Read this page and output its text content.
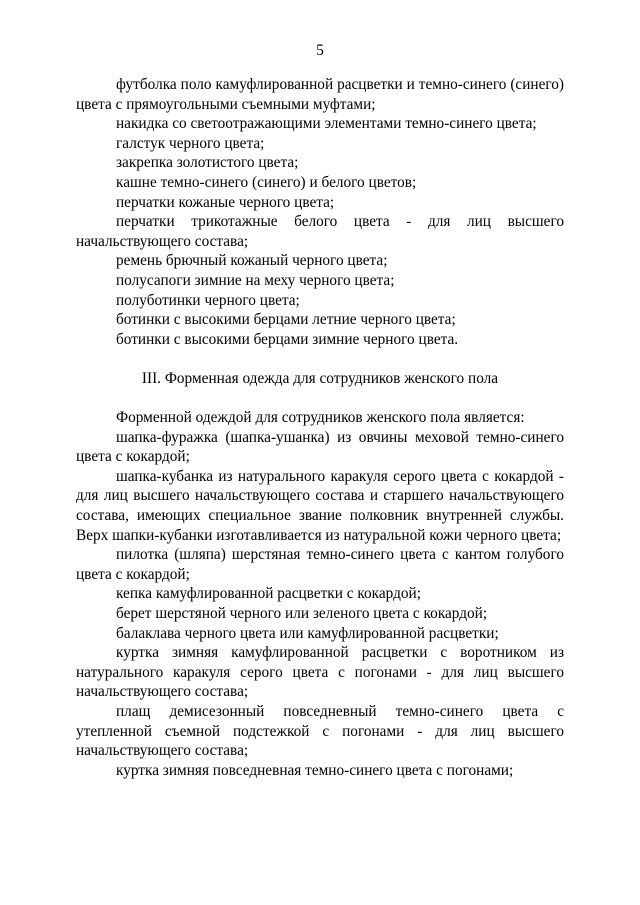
5

футболка поло камуфлированной расцветки и темно-синего (синего) цвета с прямоугольными съемными муфтами;

накидка со светоотражающими элементами темно-синего цвета;

галстук черного цвета;

закрепка золотистого цвета;

кашне темно-синего (синего) и белого цветов;

перчатки кожаные черного цвета;

перчатки трикотажные белого цвета - для лиц высшего начальствующего состава;

ремень брючный кожаный черного цвета;

полусапоги зимние на меху черного цвета;

полуботинки черного цвета;

ботинки с высокими берцами летние черного цвета;

ботинки с высокими берцами зимние черного цвета.

III. Форменная одежда для сотрудников женского пола

Форменной одеждой для сотрудников женского пола является:

шапка-фуражка (шапка-ушанка) из овчины меховой темно-синего цвета с кокардой;

шапка-кубанка из натурального каракуля серого цвета с кокардой - для лиц высшего начальствующего состава и старшего начальствующего состава, имеющих специальное звание полковник внутренней службы. Верх шапки-кубанки изготавливается из натуральной кожи черного цвета;

пилотка (шляпа) шерстяная темно-синего цвета с кантом голубого цвета с кокардой;

кепка камуфлированной расцветки с кокардой;

берет шерстяной черного или зеленого цвета с кокардой;

балаклава черного цвета или камуфлированной расцветки;

куртка зимняя камуфлированной расцветки с воротником из натурального каракуля серого цвета с погонами - для лиц высшего начальствующего состава;

плащ демисезонный повседневный темно-синего цвета с утепленной съемной подстежкой с погонами - для лиц высшего начальствующего состава;

куртка зимняя повседневная темно-синего цвета с погонами;
